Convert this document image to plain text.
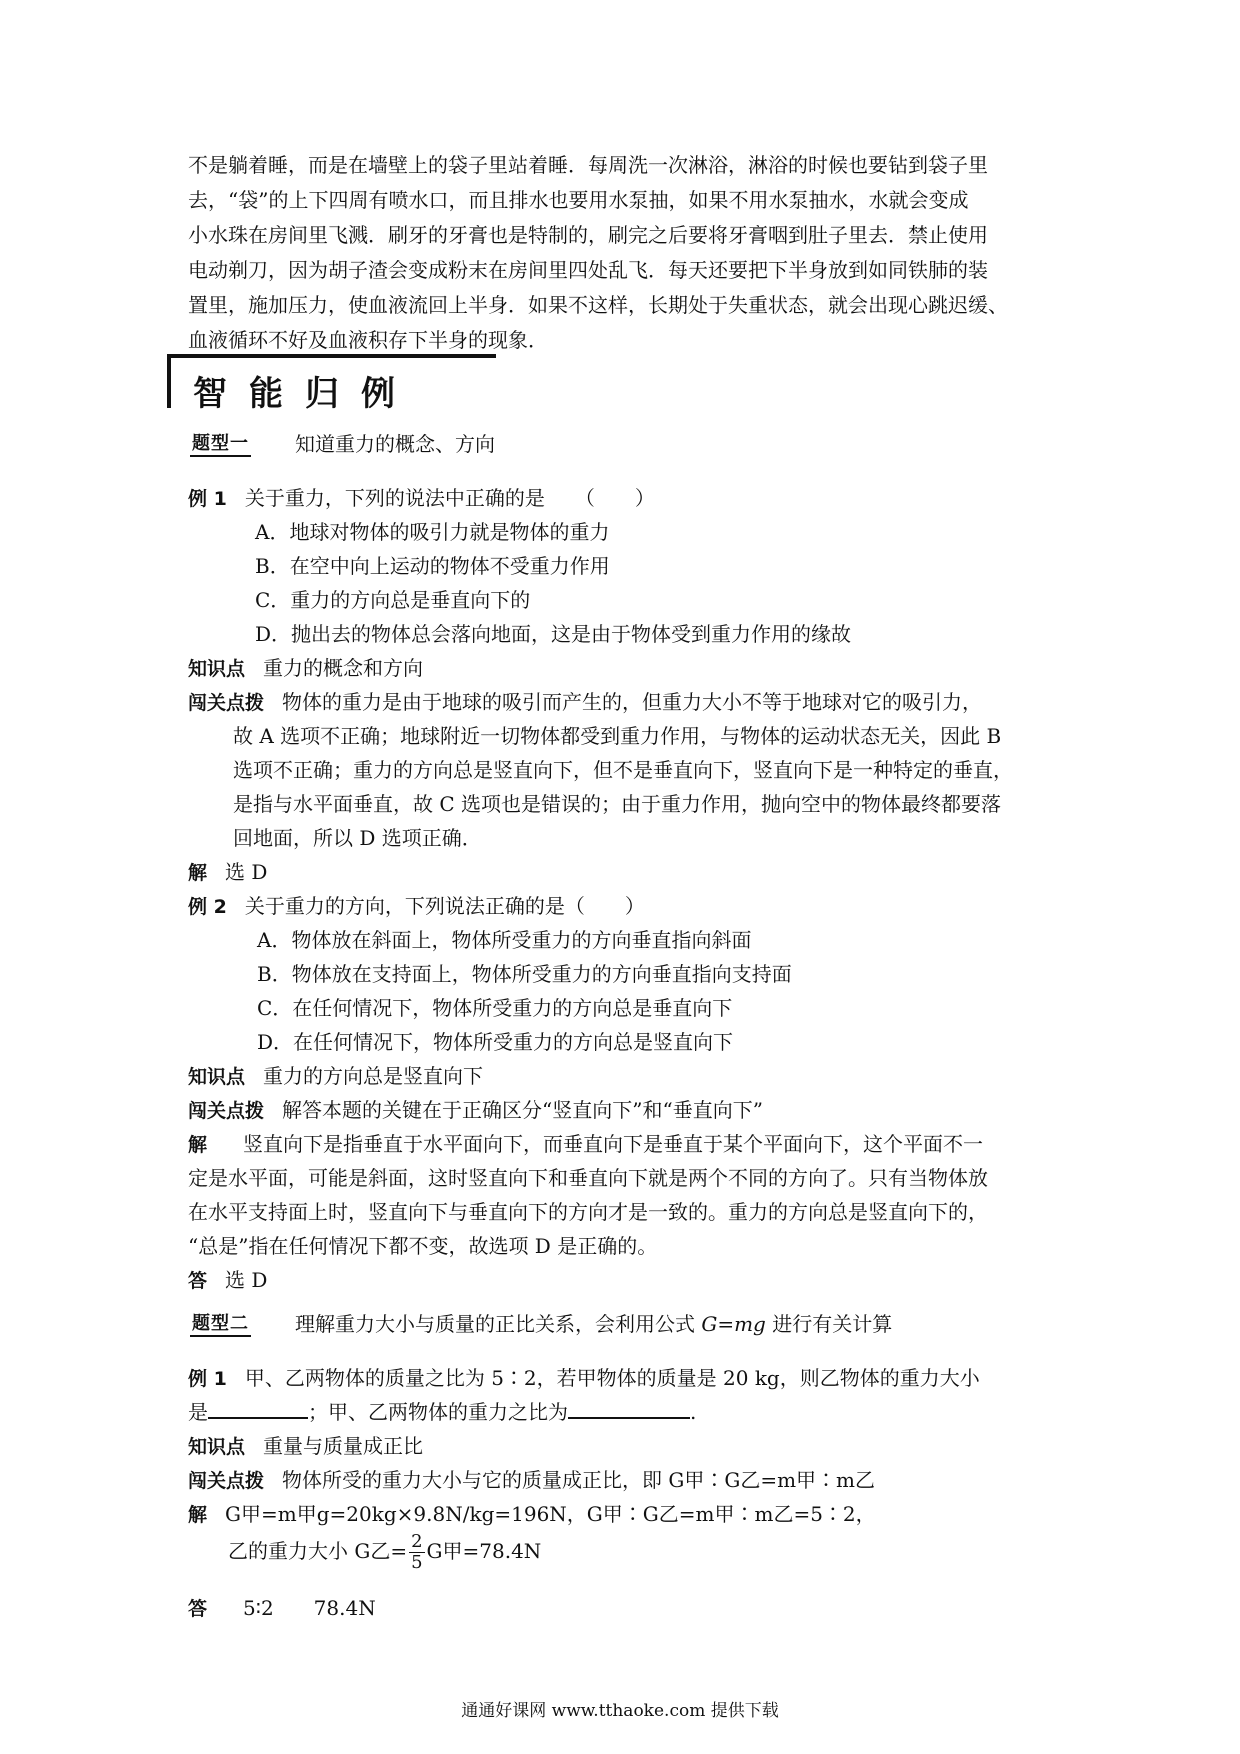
不是躺着睡，而是在墙壁上的袋子里站着睡．每周洗一次淋浴，淋浴的时候也要钻到袋子里

去，“袋”的上下四周有喷水口，而且排水也要用水泵抽，如果不用水泵抽水，水就会变成

小水珠在房间里飞溅．刷牙的牙膏也是特制的，刷完之后要将牙膏咽到肚子里去．禁止使用

电动剃刀，因为胡子渣会变成粉末在房间里四处乱飞．每天还要把下半身放到如同铁肺的装

置里，施加压力，使血液流回上半身．如果不这样，长期处于失重状态，就会出现心跳迟缓、

血液循环不好及血液积存下半身的现象．

智能归例
题型一 知道重力的概念、方向
例 1 关于重力，下列的说法中正确的是　　（　　）
A．地球对物体的吸引力就是物体的重力
B．在空中向上运动的物体不受重力作用
C．重力的方向总是垂直向下的
D．抛出去的物体总会落向地面，这是由于物体受到重力作用的缘故
知识点 重力的概念和方向
闯关点拨 物体的重力是由于地球的吸引而产生的，但重力大小不等于地球对它的吸引力，
故 A 选项不正确；地球附近一切物体都受到重力作用，与物体的运动状态无关，因此 B
选项不正确；重力的方向总是竖直向下，但不是垂直向下，竖直向下是一种特定的垂直，
是指与水平面垂直，故 C 选项也是错误的；由于重力作用，抛向空中的物体最终都要落
回地面，所以 D 选项正确．
解 选 D
例 2 关于重力的方向，下列说法正确的是（　　）
A．物体放在斜面上，物体所受重力的方向垂直指向斜面
B．物体放在支持面上，物体所受重力的方向垂直指向支持面
C．在任何情况下，物体所受重力的方向总是垂直向下
D．在任何情况下，物体所受重力的方向总是竖直向下
知识点 重力的方向总是竖直向下
闯关点拨 解答本题的关键在于正确区分“竖直向下”和“垂直向下”
解 竖直向下是指垂直于水平面向下，而垂直向下是垂直于某个平面向下，这个平面不一
定是水平面，可能是斜面，这时竖直向下和垂直向下就是两个不同的方向了。只有当物体放
在水平支持面上时，竖直向下与垂直向下的方向才是一致的。重力的方向总是竖直向下的，
“总是”指在任何情况下都不变，故选项 D 是正确的。
答 选 D
题型二 理解重力大小与质量的正比关系，会利用公式 G=mg 进行有关计算
例 1 甲、乙两物体的质量之比为 5∶2，若甲物体的质量是 20 kg，则乙物体的重力大小
是	；甲、乙两物体的重力之比为	.
知识点 重量与质量成正比
闯关点拨 物体所受的重力大小与它的质量成正比，即 G甲∶G乙=m甲∶m乙
解 G甲=m甲g=20kg×9.8N/kg=196N，G甲∶G乙=m甲∶m乙=5∶2，
乙的重力大小 G乙= $\frac{2}{5}$ G甲=78.4N
答 5∶2　　78.4N
通通好课网 www.tthaoke.com 提供下载
